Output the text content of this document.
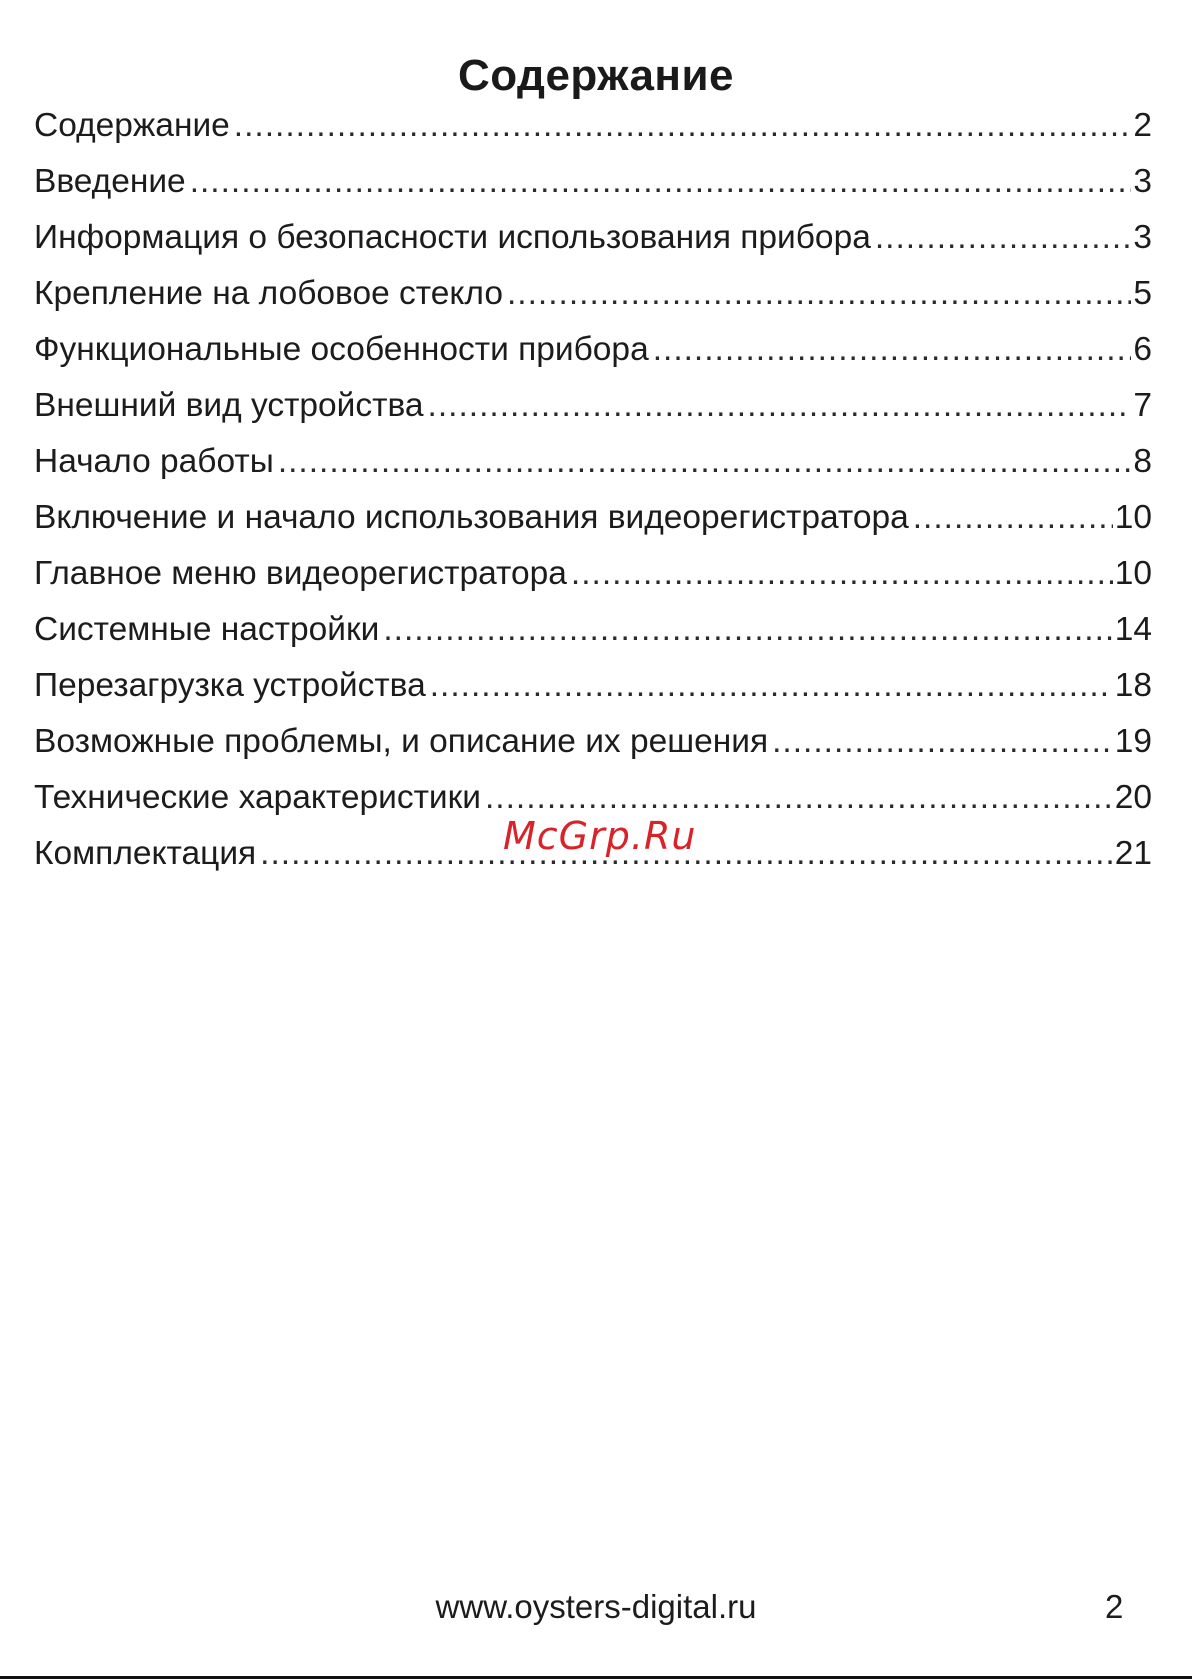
Содержание
Содержание .....	2
Введение .....	3
Информация о безопасности использования прибора .....	3
Крепление на лобовое стекло .....	5
Функциональные особенности прибора .....	6
Внешний вид устройства .....	7
Начало работы .....	8
Включение и начало использования видеорегистратора .....	10
Главное меню видеорегистратора .....	10
Системные настройки .....	14
Перезагрузка устройства .....	18
Возможные проблемы, и описание их решения .....	19
Технические характеристики .....	20
Комплектация .....	21
McGrp.Ru
www.oysters-digital.ru	2
